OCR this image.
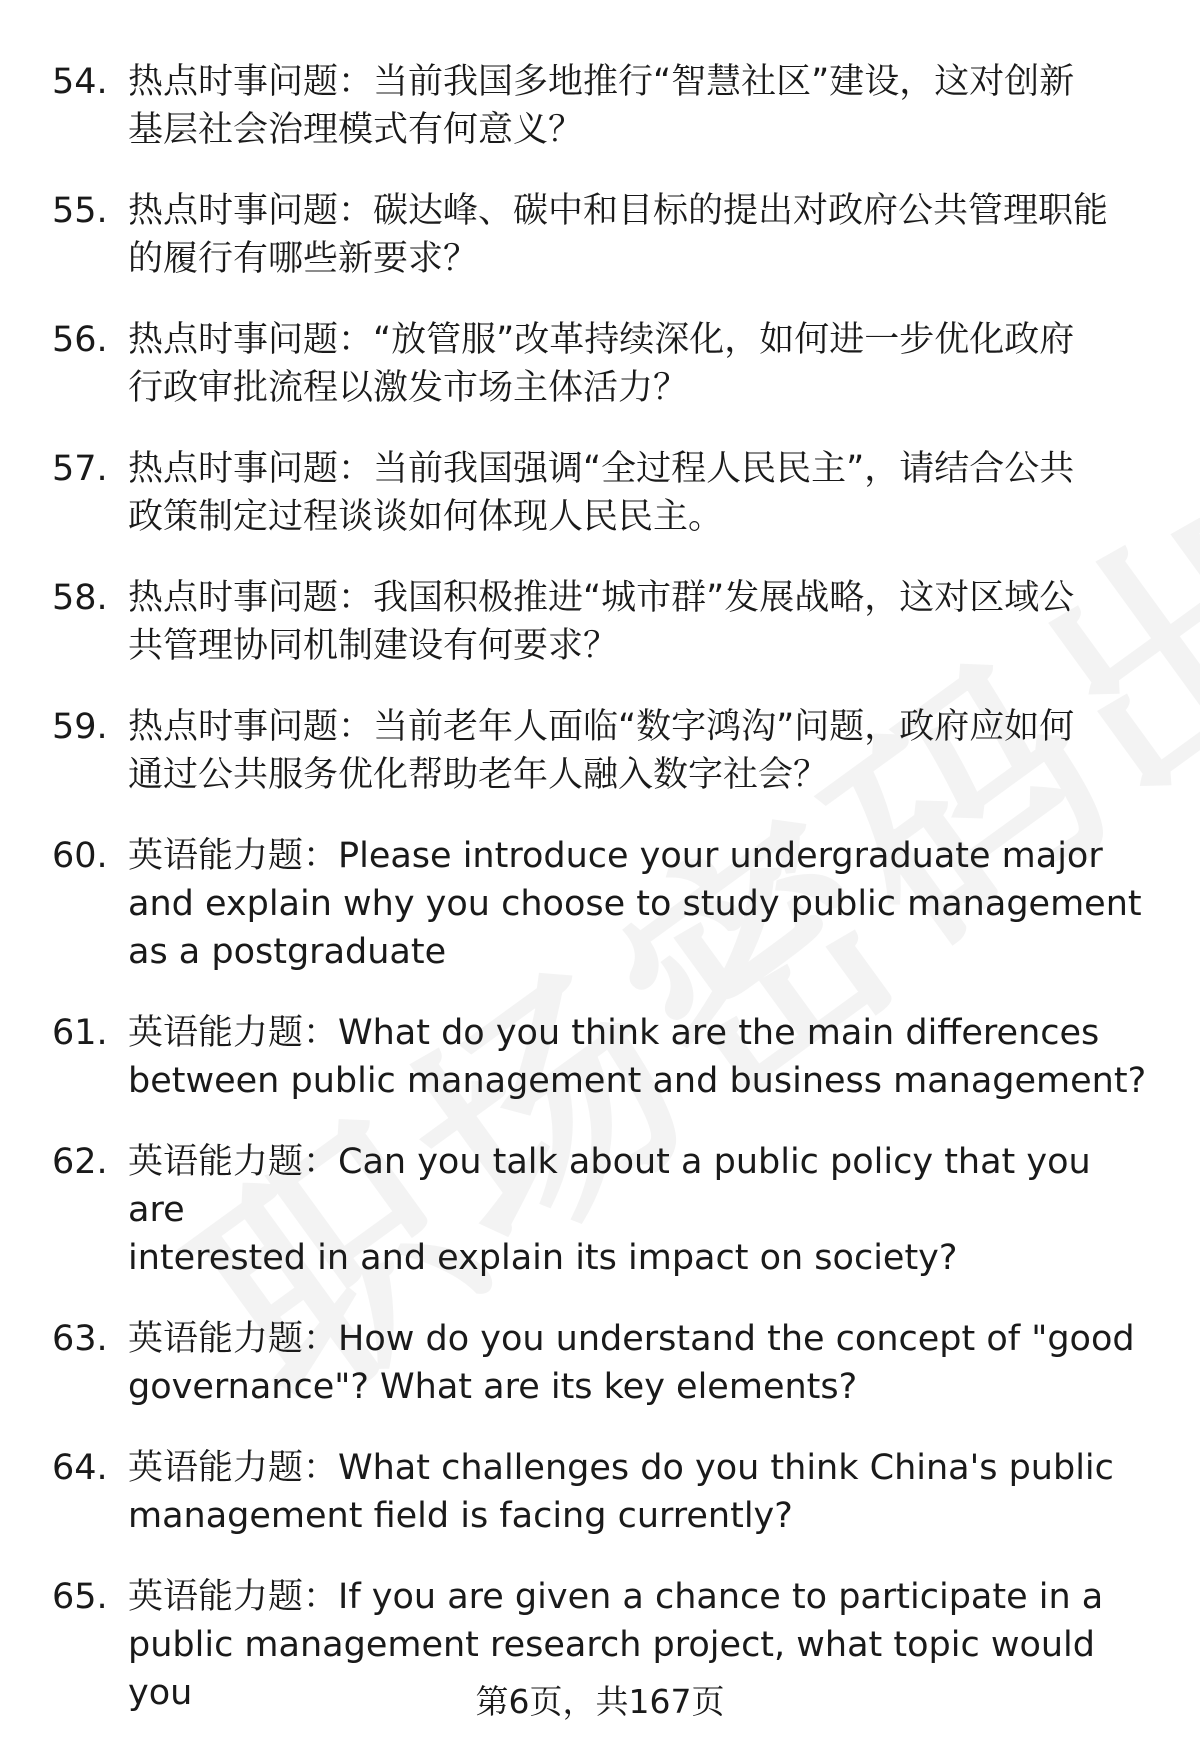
54. 热点时事问题：当前我国多地推行“智慧社区”建设，这对创新
基层社会治理模式有何意义？
55. 热点时事问题：碳达峰、碳中和目标的提出对政府公共管理职能
的履行有哪些新要求？
56. 热点时事问题：“放管服”改革持续深化，如何进一步优化政府
行政审批流程以激发市场主体活力？
57. 热点时事问题：当前我国强调“全过程人民民主”，请结合公共
政策制定过程谈谈如何体现人民民主。
58. 热点时事问题：我国积极推进“城市群”发展战略，这对区域公
共管理协同机制建设有何要求？
59. 热点时事问题：当前老年人面临“数字鸿沟”问题，政府应如何
通过公共服务优化帮助老年人融入数字社会？
60. 英语能力题：Please introduce your undergraduate major
and explain why you choose to study public management
as a postgraduate
61. 英语能力题：What do you think are the main differences
between public management and business management?
62. 英语能力题：Can you talk about a public policy that you are
interested in and explain its impact on society?
63. 英语能力题：How do you understand the concept of "good
governance"? What are its key elements?
64. 英语能力题：What challenges do you think China's public
management field is facing currently?
65. 英语能力题：If you are given a chance to participate in a
public management research project, what topic would you	第6页，共167页
